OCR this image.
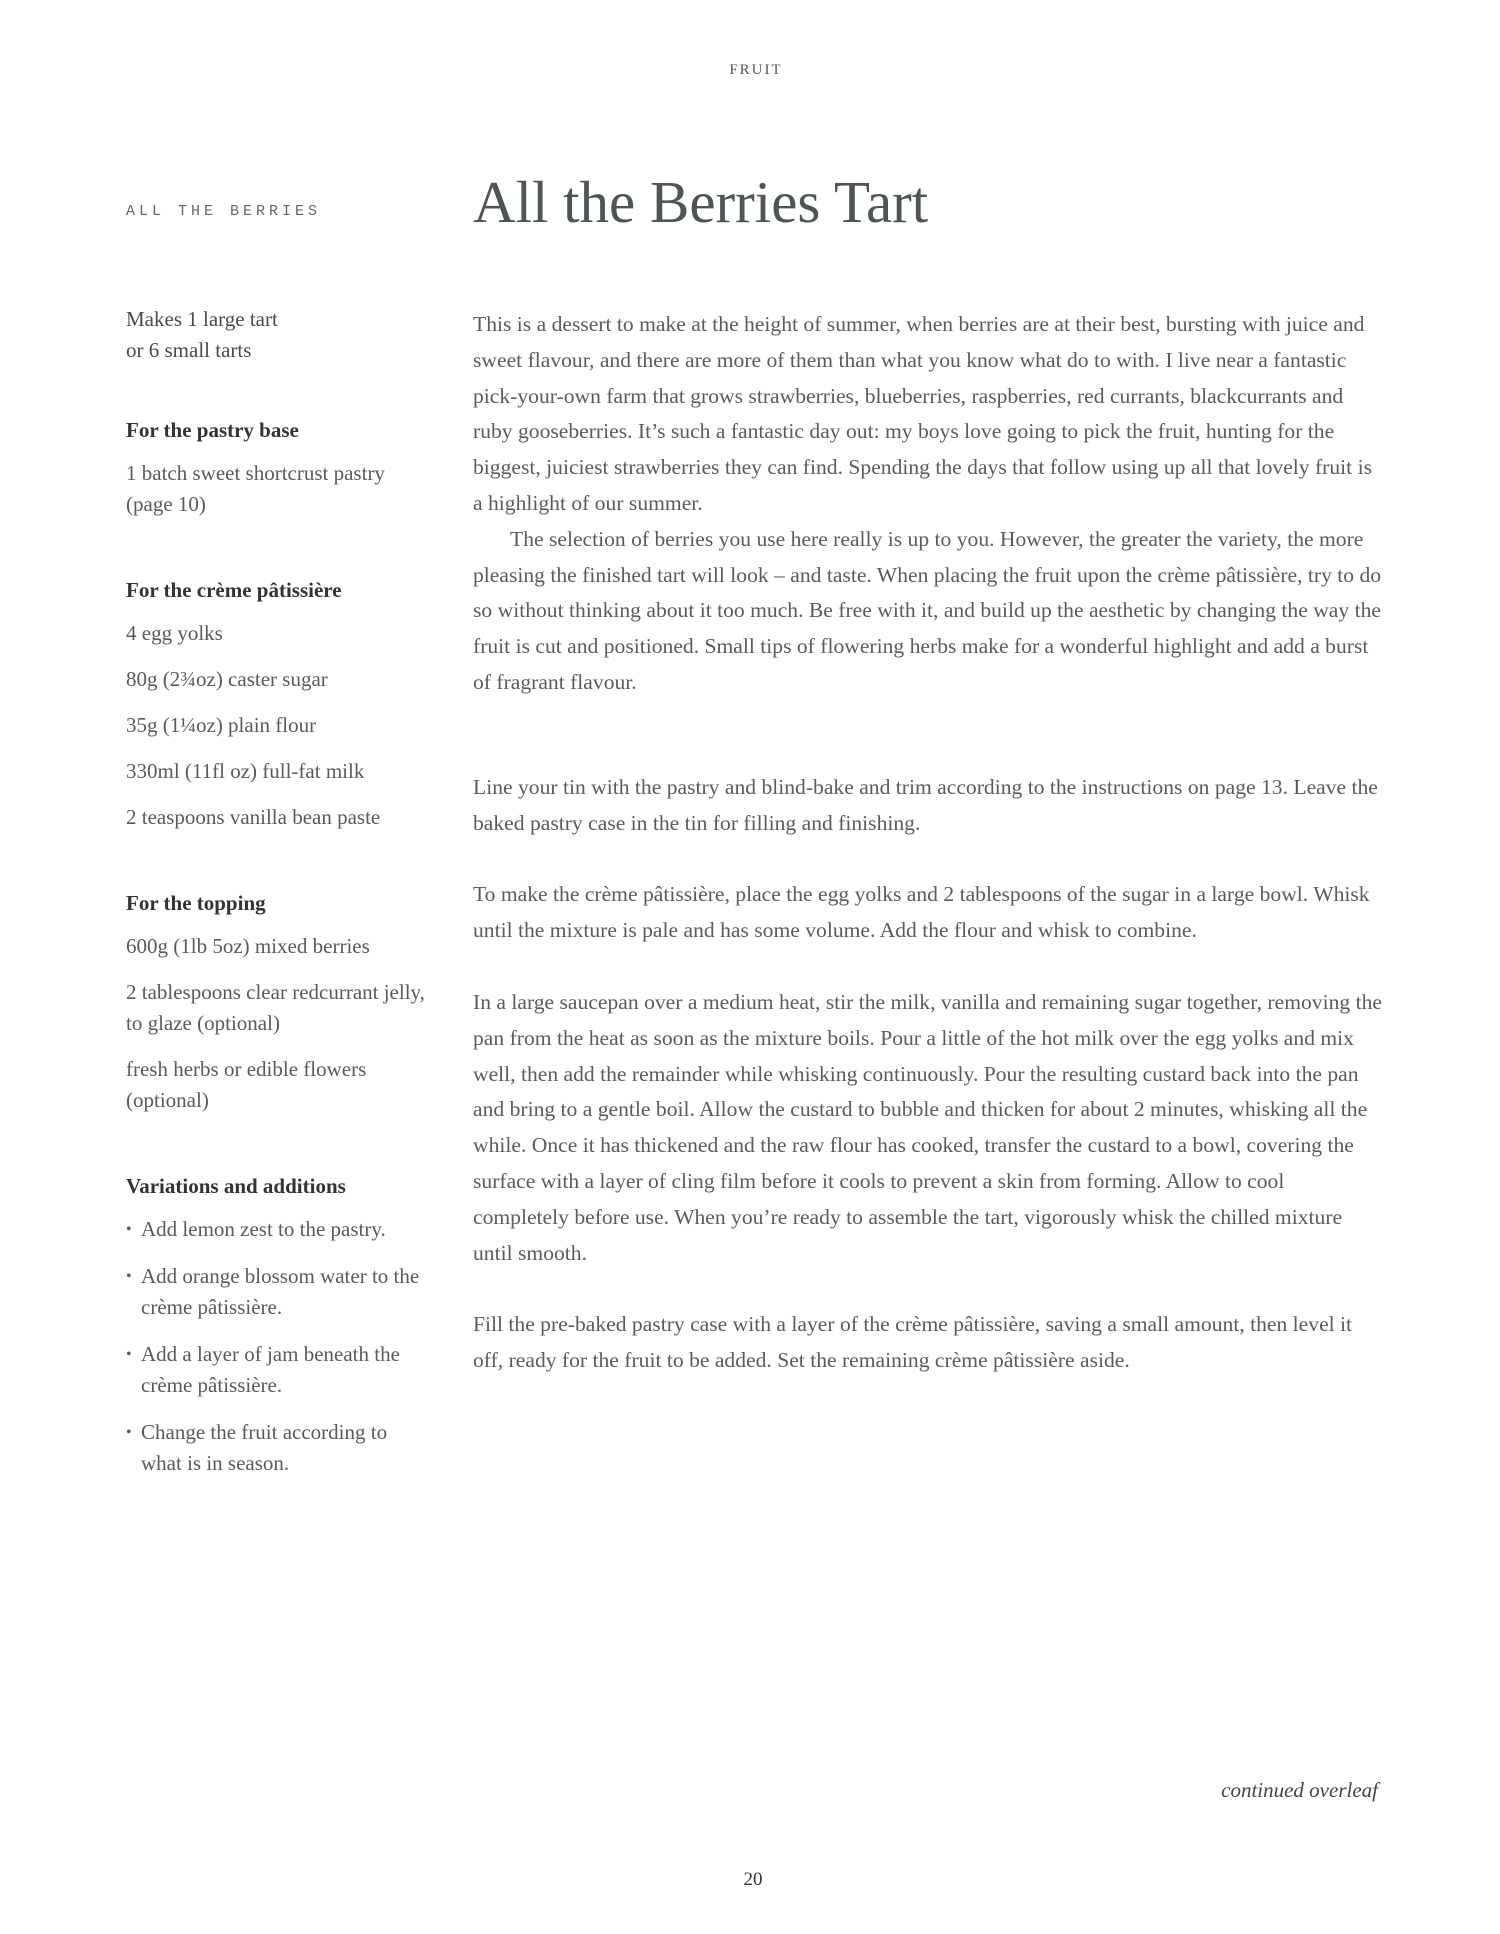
FRUIT
ALL THE BERRIES	All the Berries Tart

Makes 1 large tart
or 6 small tarts

For the pastry base
1 batch sweet shortcrust pastry (page 10)
For the crème pâtissière
4 egg yolks
80g (2¾oz) caster sugar
35g (1¼oz) plain flour
330ml (11fl oz) full-fat milk
2 teaspoons vanilla bean paste
For the topping
600g (1lb 5oz) mixed berries
2 tablespoons clear redcurrant jelly, to glaze (optional)
fresh herbs or edible flowers (optional)
Variations and additions
• Add lemon zest to the pastry.
• Add orange blossom water to the crème pâtissière.
• Add a layer of jam beneath the crème pâtissière.
• Change the fruit according to what is in season.

This is a dessert to make at the height of summer, when berries are at their best, bursting with juice and sweet flavour, and there are more of them than what you know what do to with. I live near a fantastic pick-your-own farm that grows strawberries, blueberries, raspberries, red currants, blackcurrants and ruby gooseberries. It’s such a fantastic day out: my boys love going to pick the fruit, hunting for the biggest, juiciest strawberries they can find. Spending the days that follow using up all that lovely fruit is a highlight of our summer.

The selection of berries you use here really is up to you. However, the greater the variety, the more pleasing the finished tart will look – and taste. When placing the fruit upon the crème pâtissière, try to do so without thinking about it too much. Be free with it, and build up the aesthetic by changing the way the fruit is cut and positioned. Small tips of flowering herbs make for a wonderful highlight and add a burst of fragrant flavour.

Line your tin with the pastry and blind-bake and trim according to the instructions on page 13. Leave the baked pastry case in the tin for filling and finishing.

To make the crème pâtissière, place the egg yolks and 2 tablespoons of the sugar in a large bowl. Whisk until the mixture is pale and has some volume. Add the flour and whisk to combine.

In a large saucepan over a medium heat, stir the milk, vanilla and remaining sugar together, removing the pan from the heat as soon as the mixture boils. Pour a little of the hot milk over the egg yolks and mix well, then add the remainder while whisking continuously. Pour the resulting custard back into the pan and bring to a gentle boil. Allow the custard to bubble and thicken for about 2 minutes, whisking all the while. Once it has thickened and the raw flour has cooked, transfer the custard to a bowl, covering the surface with a layer of cling film before it cools to prevent a skin from forming. Allow to cool completely before use. When you’re ready to assemble the tart, vigorously whisk the chilled mixture until smooth.

Fill the pre-baked pastry case with a layer of the crème pâtissière, saving a small amount, then level it off, ready for the fruit to be added. Set the remaining crème pâtissière aside.

continued overleaf
20
